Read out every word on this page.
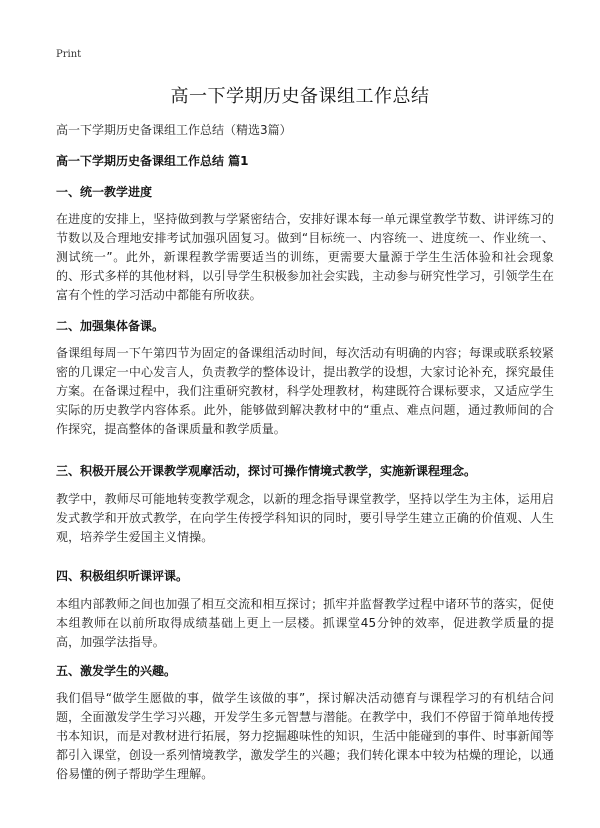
Print
高一下学期历史备课组工作总结
高一下学期历史备课组工作总结（精选3篇）
高一下学期历史备课组工作总结 篇1
一、统一教学进度

在进度的安排上，坚持做到教与学紧密结合，安排好课本每一单元课堂教学节数、讲评练习的节数以及合理地安排考试加强巩固复习。做到“目标统一、内容统一、进度统一、作业统一、测试统一”。此外，新课程教学需要适当的训练，更需要大量源于学生生活体验和社会现象的、形式多样的其他材料，以引导学生积极参加社会实践，主动参与研究性学习，引领学生在富有个性的学习活动中都能有所收获。

二、加强集体备课。

备课组每周一下午第四节为固定的备课组活动时间，每次活动有明确的内容；每课或联系较紧密的几课定一中心发言人，负责教学的整体设计，提出教学的设想，大家讨论补充，探究最佳方案。在备课过程中，我们注重研究教材，科学处理教材，构建既符合课标要求，又适应学生实际的历史教学内容体系。此外，能够做到解决教材中的“重点、难点问题，通过教师间的合作探究，提高整体的备课质量和教学质量。

三、积极开展公开课教学观摩活动，探讨可操作情境式教学，实施新课程理念。

教学中，教师尽可能地转变教学观念，以新的理念指导课堂教学，坚持以学生为主体，运用启发式教学和开放式教学，在向学生传授学科知识的同时，要引导学生建立正确的价值观、人生观，培养学生爱国主义情操。

四、积极组织听课评课。

本组内部教师之间也加强了相互交流和相互探讨；抓牢并监督教学过程中诸环节的落实，促使本组教师在以前所取得成绩基础上更上一层楼。抓课堂45分钟的效率，促进教学质量的提高，加强学法指导。

五、激发学生的兴趣。

我们倡导“做学生愿做的事，做学生该做的事”，探讨解决活动德育与课程学习的有机结合问题，全面激发学生学习兴趣，开发学生多元智慧与潜能。在教学中，我们不停留于简单地传授书本知识，而是对教材进行拓展，努力挖掘趣味性的知识，生活中能碰到的事件、时事新闻等都引入课堂，创设一系列情境教学，激发学生的兴趣；我们转化课本中较为枯燥的理论，以通俗易懂的例子帮助学生理解。
